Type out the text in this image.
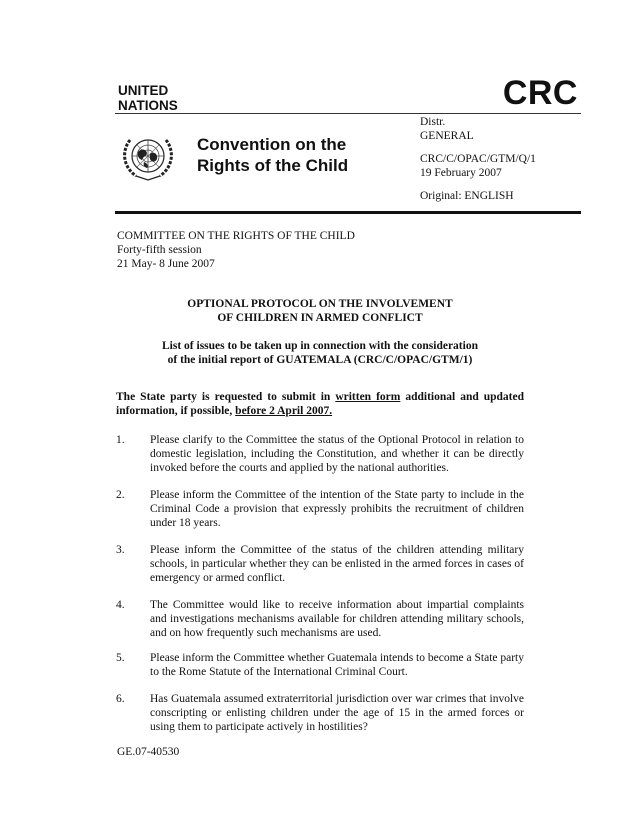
UNITED
NATIONS	CRC
Convention on the
Rights of the Child
Distr.
GENERAL
CRC/C/OPAC/GTM/Q/1
19 February 2007
Original: ENGLISH
COMMITTEE ON THE RIGHTS OF THE CHILD
Forty-fifth session
21 May- 8 June 2007
OPTIONAL PROTOCOL ON THE INVOLVEMENT
OF CHILDREN IN ARMED CONFLICT
List of issues to be taken up in connection with the consideration
of the initial report of GUATEMALA (CRC/C/OPAC/GTM/1)
The State party is requested to submit in written form additional and updated information, if possible, before 2 April 2007.
1. Please clarify to the Committee the status of the Optional Protocol in relation to domestic legislation, including the Constitution, and whether it can be directly invoked before the courts and applied by the national authorities.
2. Please inform the Committee of the intention of the State party to include in the Criminal Code a provision that expressly prohibits the recruitment of children under 18 years.
3. Please inform the Committee of the status of the children attending military schools, in particular whether they can be enlisted in the armed forces in cases of emergency or armed conflict.
4. The Committee would like to receive information about impartial complaints and investigations mechanisms available for children attending military schools, and on how frequently such mechanisms are used.
5. Please inform the Committee whether Guatemala intends to become a State party to the Rome Statute of the International Criminal Court.
6. Has Guatemala assumed extraterritorial jurisdiction over war crimes that involve conscripting or enlisting children under the age of 15 in the armed forces or using them to participate actively in hostilities?
GE.07-40530
